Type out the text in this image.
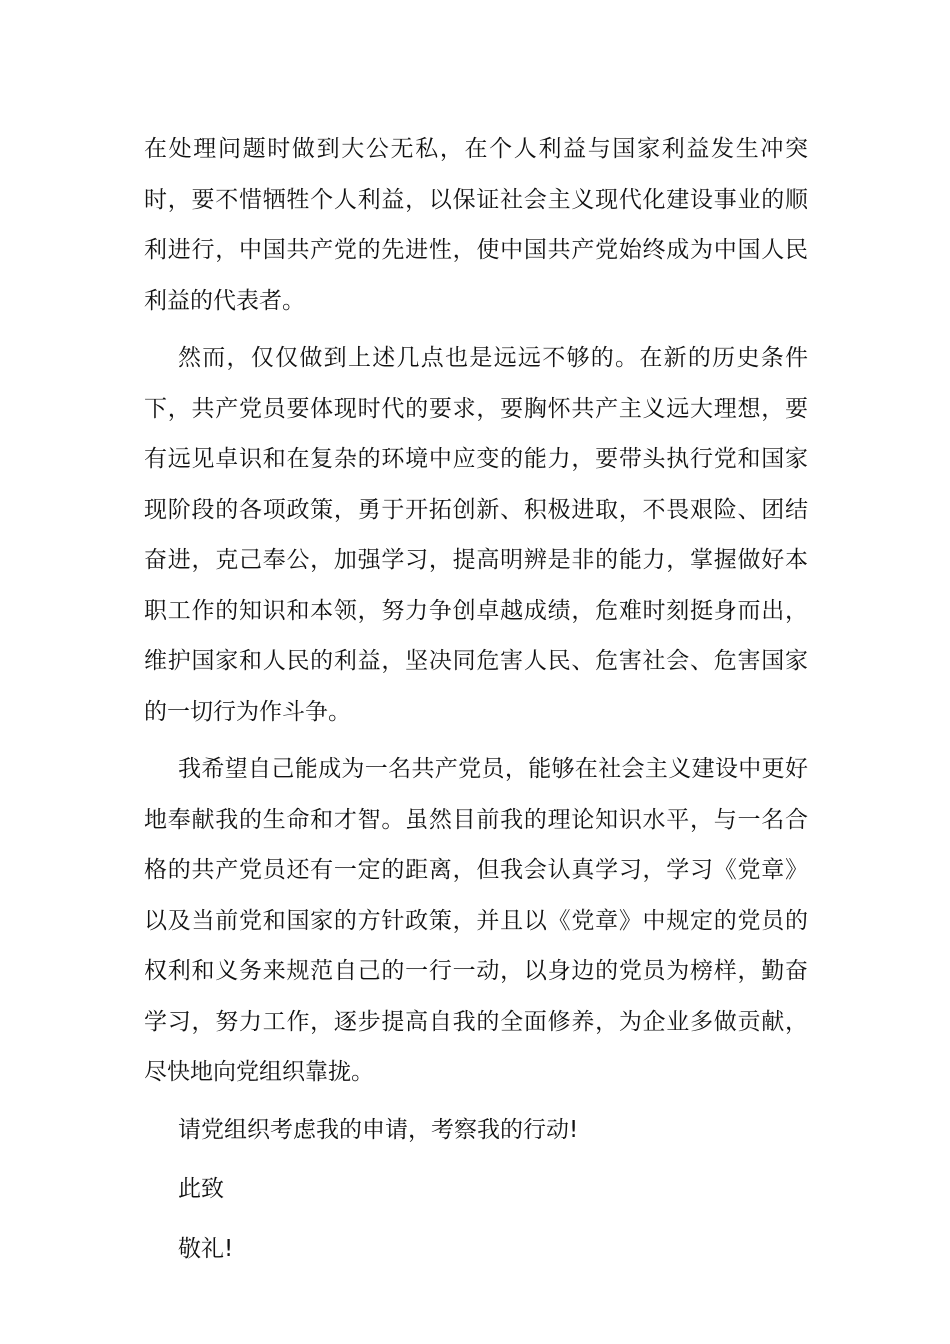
在处理问题时做到大公无私，在个人利益与国家利益发生冲突时，要不惜牺牲个人利益，以保证社会主义现代化建设事业的顺利进行，中国共产党的先进性，使中国共产党始终成为中国人民利益的代表者。

然而，仅仅做到上述几点也是远远不够的。在新的历史条件下，共产党员要体现时代的要求，要胸怀共产主义远大理想，要有远见卓识和在复杂的环境中应变的能力，要带头执行党和国家现阶段的各项政策，勇于开拓创新、积极进取，不畏艰险、团结奋进，克己奉公，加强学习，提高明辨是非的能力，掌握做好本职工作的知识和本领，努力争创卓越成绩，危难时刻挺身而出，维护国家和人民的利益，坚决同危害人民、危害社会、危害国家的一切行为作斗争。

我希望自己能成为一名共产党员，能够在社会主义建设中更好地奉献我的生命和才智。虽然目前我的理论知识水平，与一名合格的共产党员还有一定的距离，但我会认真学习，学习《党章》以及当前党和国家的方针政策，并且以《党章》中规定的党员的权利和义务来规范自己的一行一动，以身边的党员为榜样，勤奋学习，努力工作，逐步提高自我的全面修养，为企业多做贡献，尽快地向党组织靠拢。

请党组织考虑我的申请，考察我的行动!

此致

敬礼!
